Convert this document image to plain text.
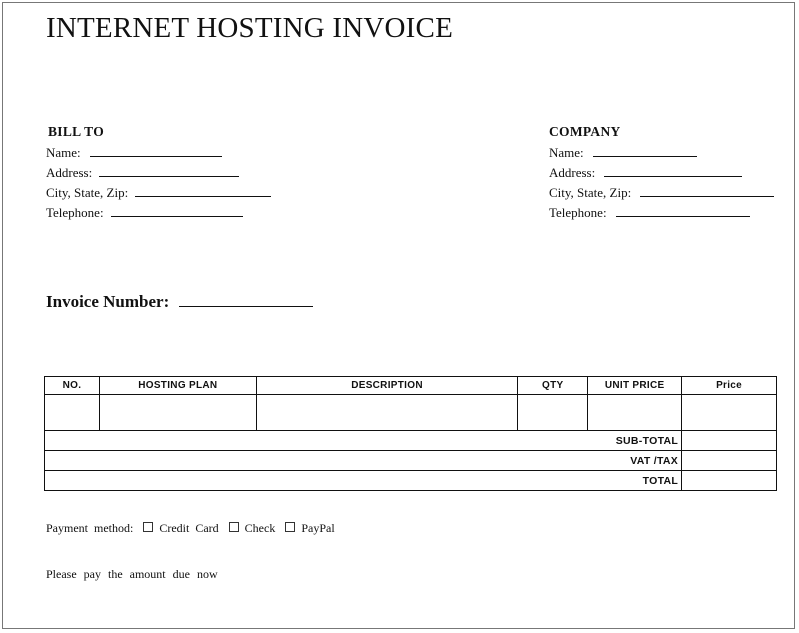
INTERNET HOSTING INVOICE
BILL TO
Name:
Address:
City, State, Zip:
Telephone:
COMPANY
Name:
Address:
City, State, Zip:
Telephone:
Invoice Number:
NO.	HOSTING PLAN	DESCRIPTION	QTY	UNIT PRICE	Price

SUB-TOTAL					
VAT /TAX					
TOTAL					
Payment method: Credit Card Check PayPal
Please pay the amount due now
